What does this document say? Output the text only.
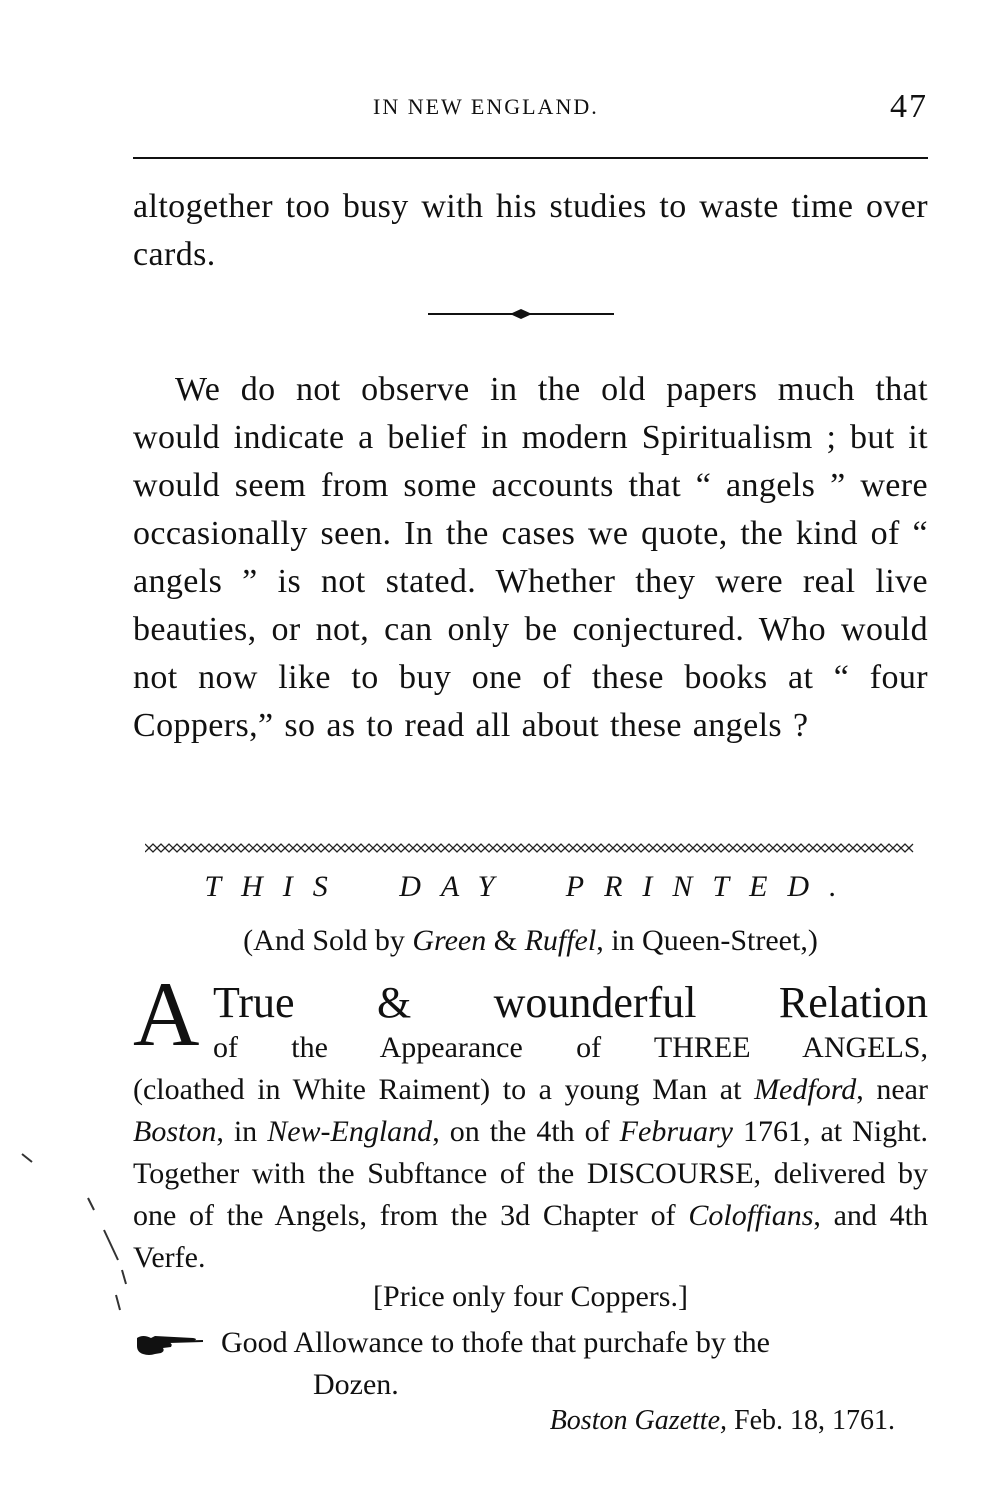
IN NEW ENGLAND.	47

altogether too busy with his studies to waste time over cards.

We do not observe in the old papers much that would indicate a belief in modern Spiritualism ; but it would seem from some accounts that “ angels ” were occasionally seen. In the cases we quote, the kind of “ angels ” is not stated. Whether they were real live beauties, or not, can only be conjectured. Who would not now like to buy one of these books at “ four Coppers,” so as to read all about these angels ?

THIS DAY PRINTED.
(And Sold by Green & Ruffel, in Queen-Street,)
A True & wounderful Relation
of the Appearance of THREE ANGELS,
(cloathed in White Raiment) to a young Man at Medford, near Boston, in New-England, on the 4th of February 1761, at Night. Together with the Subftance of the DISCOURSE, delivered by one of the Angels, from the 3d Chapter of Coloffians, and 4th Verfe.
[Price only four Coppers.]
Good Allowance to thofe that purchafe by the
Dozen.
Boston Gazette, Feb. 18, 1761.
